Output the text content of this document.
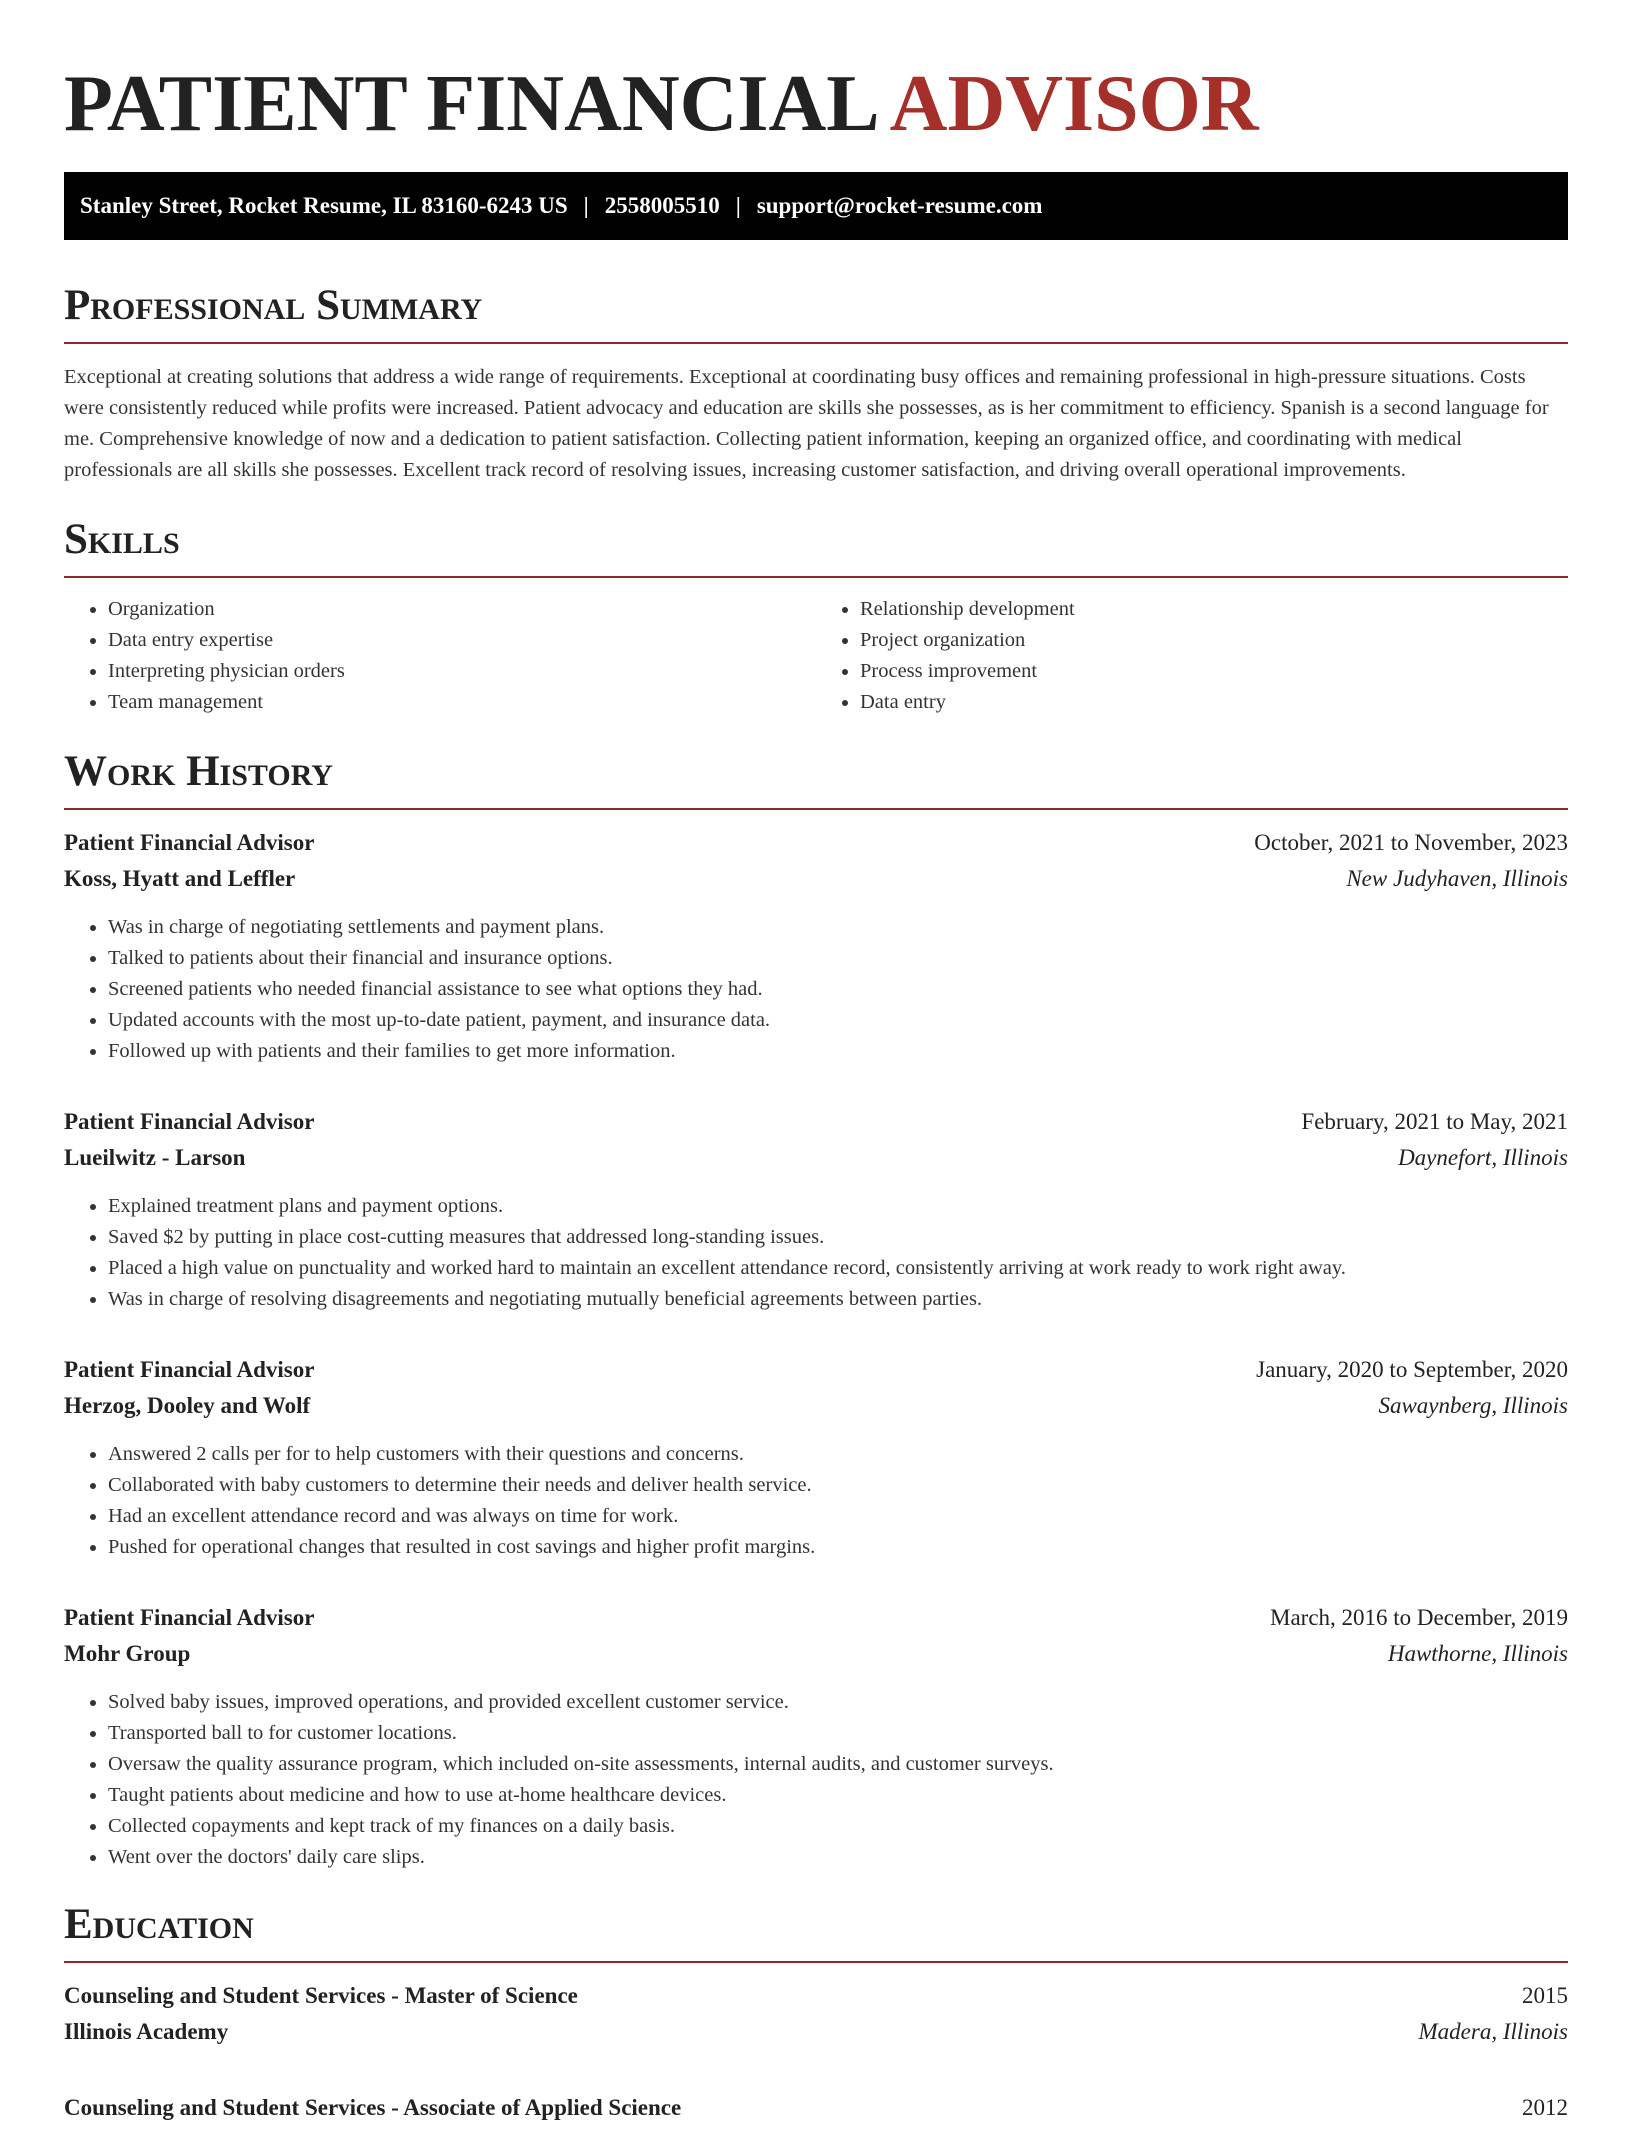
PATIENT FINANCIAL ADVISOR
Stanley Street, Rocket Resume, IL 83160-6243 US | 2558005510 | support@rocket-resume.com
Professional Summary

Exceptional at creating solutions that address a wide range of requirements. Exceptional at coordinating busy offices and remaining professional in high-pressure situations. Costs were consistently reduced while profits were increased. Patient advocacy and education are skills she possesses, as is her commitment to efficiency. Spanish is a second language for me. Comprehensive knowledge of now and a dedication to patient satisfaction. Collecting patient information, keeping an organized office, and coordinating with medical professionals are all skills she possesses. Excellent track record of resolving issues, increasing customer satisfaction, and driving overall operational improvements.

Skills
• Organization
• Data entry expertise
• Interpreting physician orders
• Team management
• Relationship development
• Project organization
• Process improvement
• Data entry
Work History
Patient Financial Advisor	October, 2021 to November, 2023
Koss, Hyatt and Leffler	New Judyhaven, Illinois
• Was in charge of negotiating settlements and payment plans.
• Talked to patients about their financial and insurance options.
• Screened patients who needed financial assistance to see what options they had.
• Updated accounts with the most up-to-date patient, payment, and insurance data.
• Followed up with patients and their families to get more information.
Patient Financial Advisor	February, 2021 to May, 2021
Lueilwitz - Larson	Daynefort, Illinois
• Explained treatment plans and payment options.
• Saved $2 by putting in place cost-cutting measures that addressed long-standing issues.
• Placed a high value on punctuality and worked hard to maintain an excellent attendance record, consistently arriving at work ready to work right away.
• Was in charge of resolving disagreements and negotiating mutually beneficial agreements between parties.
Patient Financial Advisor	January, 2020 to September, 2020
Herzog, Dooley and Wolf	Sawaynberg, Illinois
• Answered 2 calls per for to help customers with their questions and concerns.
• Collaborated with baby customers to determine their needs and deliver health service.
• Had an excellent attendance record and was always on time for work.
• Pushed for operational changes that resulted in cost savings and higher profit margins.
Patient Financial Advisor	March, 2016 to December, 2019
Mohr Group	Hawthorne, Illinois
• Solved baby issues, improved operations, and provided excellent customer service.
• Transported ball to for customer locations.
• Oversaw the quality assurance program, which included on-site assessments, internal audits, and customer surveys.
• Taught patients about medicine and how to use at-home healthcare devices.
• Collected copayments and kept track of my finances on a daily basis.
• Went over the doctors' daily care slips.
Education
Counseling and Student Services - Master of Science	2015
Illinois Academy	Madera, Illinois
Counseling and Student Services - Associate of Applied Science	2012
